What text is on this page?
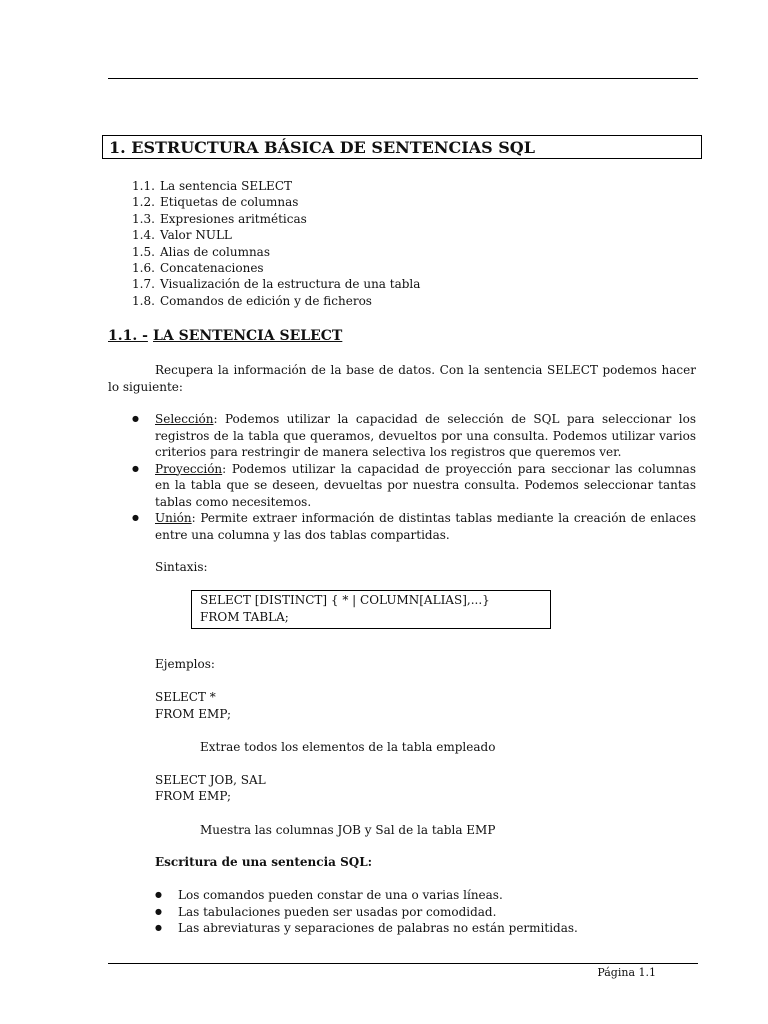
1. ESTRUCTURA BÁSICA DE SENTENCIAS SQL
1.1. La sentencia SELECT
1.2. Etiquetas de columnas
1.3. Expresiones aritméticas
1.4. Valor NULL
1.5. Alias de columnas
1.6. Concatenaciones
1.7. Visualización de la estructura de una tabla
1.8. Comandos de edición y de ficheros
1.1. - LA SENTENCIA SELECT

Recupera la información de la base de datos. Con la sentencia SELECT podemos hacer lo siguiente:

● Selección: Podemos utilizar la capacidad de selección de SQL para seleccionar los registros de la tabla que queramos, devueltos por una consulta. Podemos utilizar varios criterios para restringir de manera selectiva los registros que queremos ver.
● Proyección: Podemos utilizar la capacidad de proyección para seccionar las columnas en la tabla que se deseen, devueltas por nuestra consulta. Podemos seleccionar tantas tablas como necesitemos.
● Unión: Permite extraer información de distintas tablas mediante la creación de enlaces entre una columna y las dos tablas compartidas.

Sintaxis:

SELECT [DISTINCT] { * | COLUMN[ALIAS],...}
FROM TABLA;

Ejemplos:

SELECT *

FROM EMP;

Extrae todos los elementos de la tabla empleado

SELECT JOB, SAL

FROM EMP;

Muestra las columnas JOB y Sal de la tabla EMP

Escritura de una sentencia SQL:

● Los comandos pueden constar de una o varias líneas.
● Las tabulaciones pueden ser usadas por comodidad.
● Las abreviaturas y separaciones de palabras no están permitidas.
Página 1.1
